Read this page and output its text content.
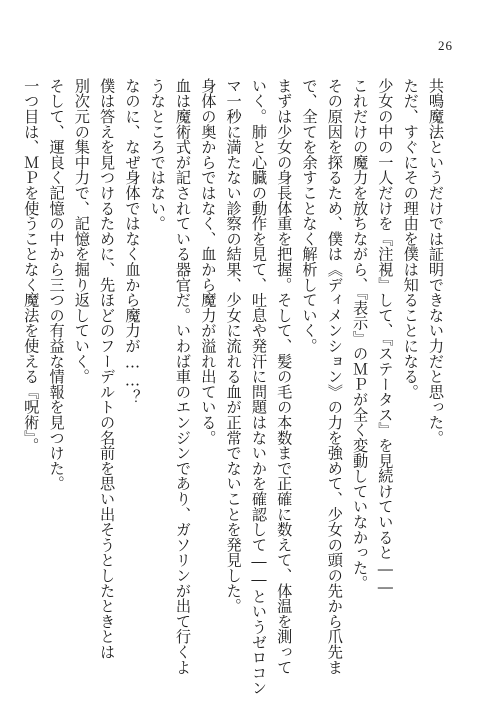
26
共鳴魔法というだけでは証明できない力だと思った。
ただ、すぐにその理由を僕は知ることになる。
少女の中の一人だけを『注視』して、『ステータス』を見続けていると――
これだけの魔力を放ちながら、『表示』のＭＰが全く変動していなかった。
その原因を探るため、僕は《ディメンション》の力を強めて、少女の頭の先から爪先ま
で、全てを余すことなく解析していく。
まずは少女の身長体重を把握。そして、髪の毛の本数まで正確に数えて、体温を測って
いく。肺と心臓の動作を見て、吐息や発汗に問題はないかを確認して――というゼロコン
マ一秒に満たない診察の結果、少女に流れる血が正常でないことを発見した。
身体の奥からではなく、血から魔力が溢れ出ている。
血は魔術式が記されている器官だ。いわば車のエンジンであり、ガソリンが出て行くよ
うなところではない。
なのに、なぜ身体ではなく血から魔力が……？
僕は答えを見つけるために、先ほどのフーデルトの名前を思い出そうとしたときとは
別次元の集中力で、記憶を掘り返していく。
そして、運良く記憶の中から三つの有益な情報を見つけた。
一つ目は、ＭＰを使うことなく魔法を使える『呪術』。
